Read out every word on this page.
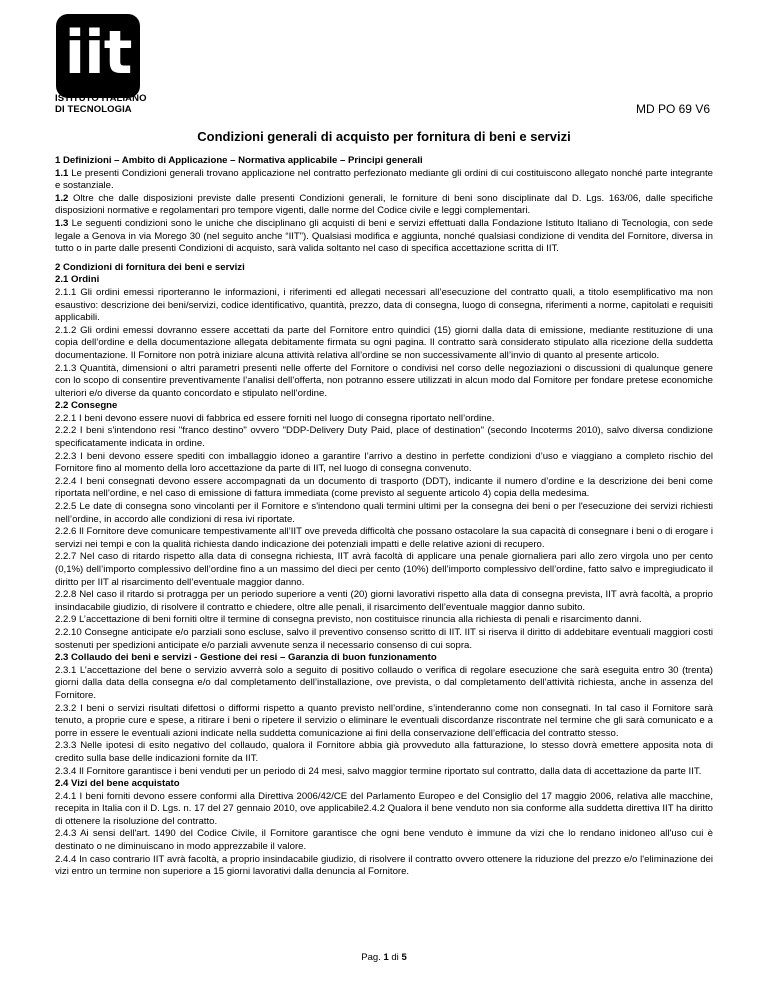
iit
ISTITUTO ITALIANO
DI TECNOLOGIA	MD PO 69 V6
Condizioni generali di acquisto per fornitura di beni e servizi

1 Definizioni – Ambito di Applicazione – Normativa applicabile – Principi generali

1.1 Le presenti Condizioni generali trovano applicazione nel contratto perfezionato mediante gli ordini di cui costituiscono allegato nonché parte integrante e sostanziale.

1.2 Oltre che dalle disposizioni previste dalle presenti Condizioni generali, le forniture di beni sono disciplinate dal D. Lgs. 163/06, dalle specifiche disposizioni normative e regolamentari pro tempore vigenti, dalle norme del Codice civile e leggi complementari.

1.3 Le seguenti condizioni sono le uniche che disciplinano gli acquisti di beni e servizi effettuati dalla Fondazione Istituto Italiano di Tecnologia, con sede legale a Genova in via Morego 30 (nel seguito anche “IIT”). Qualsiasi modifica e aggiunta, nonché qualsiasi condizione di vendita del Fornitore, diversa in tutto o in parte dalle presenti Condizioni di acquisto, sarà valida soltanto nel caso di specifica accettazione scritta di IIT.

2 Condizioni di fornitura dei beni e servizi

2.1 Ordini

2.1.1 Gli ordini emessi riporteranno le informazioni, i riferimenti ed allegati necessari all’esecuzione del contratto quali, a titolo esemplificativo ma non esaustivo: descrizione dei beni/servizi, codice identificativo, quantità, prezzo, data di consegna, luogo di consegna, riferimenti a norme, capitolati e requisiti applicabili.

2.1.2 Gli ordini emessi dovranno essere accettati da parte del Fornitore entro quindici (15) giorni dalla data di emissione, mediante restituzione di una copia dell’ordine e della documentazione allegata debitamente firmata su ogni pagina. Il contratto sarà considerato stipulato alla ricezione della suddetta documentazione. Il Fornitore non potrà iniziare alcuna attività relativa all’ordine se non successivamente all’invio di quanto al presente articolo.

2.1.3 Quantità, dimensioni o altri parametri presenti nelle offerte del Fornitore o condivisi nel corso delle negoziazioni o discussioni di qualunque genere con lo scopo di consentire preventivamente l’analisi dell’offerta, non potranno essere utilizzati in alcun modo dal Fornitore per fondare pretese economiche ulteriori e/o diverse da quanto concordato e stipulato nell’ordine.

2.2 Consegne

2.2.1 I beni devono essere nuovi di fabbrica ed essere forniti nel luogo di consegna riportato nell’ordine.

2.2.2 I beni s'intendono resi "franco destino" ovvero "DDP-Delivery Duty Paid, place of destination" (secondo Incoterms 2010), salvo diversa condizione specificatamente indicata in ordine.

2.2.3 I beni devono essere spediti con imballaggio idoneo a garantire l’arrivo a destino in perfette condizioni d’uso e viaggiano a completo rischio del Fornitore fino al momento della loro accettazione da parte di IIT, nel luogo di consegna convenuto.

2.2.4 I beni consegnati devono essere accompagnati da un documento di trasporto (DDT), indicante il numero d’ordine e la descrizione dei beni come riportata nell’ordine, e nel caso di emissione di fattura immediata (come previsto al seguente articolo 4) copia della medesima.

2.2.5 Le date di consegna sono vincolanti per il Fornitore e s'intendono quali termini ultimi per la consegna dei beni o per l'esecuzione dei servizi richiesti nell’ordine, in accordo alle condizioni di resa ivi riportate.

2.2.6 Il Fornitore deve comunicare tempestivamente all’IIT ove preveda difficoltà che possano ostacolare la sua capacità di consegnare i beni o di erogare i servizi nei tempi e con la qualità richiesta dando indicazione dei potenziali impatti e delle relative azioni di recupero.

2.2.7 Nel caso di ritardo rispetto alla data di consegna richiesta, IIT avrà facoltà di applicare una penale giornaliera pari allo zero virgola uno per cento (0,1%) dell’importo complessivo dell’ordine fino a un massimo del dieci per cento (10%) dell’importo complessivo dell’ordine, fatto salvo e impregiudicato il diritto per IIT al risarcimento dell’eventuale maggior danno.

2.2.8 Nel caso il ritardo si protragga per un periodo superiore a venti (20) giorni lavorativi rispetto alla data di consegna prevista, IIT avrà facoltà, a proprio insindacabile giudizio, di risolvere il contratto e chiedere, oltre alle penali, il risarcimento dell’eventuale maggior danno subito.

2.2.9 L’accettazione di beni forniti oltre il termine di consegna previsto, non costituisce rinuncia alla richiesta di penali e risarcimento danni.

2.2.10 Consegne anticipate e/o parziali sono escluse, salvo il preventivo consenso scritto di IIT. IIT si riserva il diritto di addebitare eventuali maggiori costi sostenuti per spedizioni anticipate e/o parziali avvenute senza il necessario consenso di cui sopra.

2.3 Collaudo dei beni e servizi - Gestione dei resi – Garanzia di buon funzionamento

2.3.1 L’accettazione del bene o servizio avverrà solo a seguito di positivo collaudo o verifica di regolare esecuzione che sarà eseguita entro 30 (trenta) giorni dalla data della consegna e/o dal completamento dell’installazione, ove prevista, o dal completamento dell’attività richiesta, anche in assenza del Fornitore.

2.3.2 I beni o servizi risultati difettosi o difformi rispetto a quanto previsto nell’ordine, s’intenderanno come non consegnati. In tal caso il Fornitore sarà tenuto, a proprie cure e spese, a ritirare i beni o ripetere il servizio o eliminare le eventuali discordanze riscontrate nel termine che gli sarà comunicato e a porre in essere le eventuali azioni indicate nella suddetta comunicazione ai fini della conservazione dell’efficacia del contratto stesso.

2.3.3 Nelle ipotesi di esito negativo del collaudo, qualora il Fornitore abbia già provveduto alla fatturazione, lo stesso dovrà emettere apposita nota di credito sulla base delle indicazioni fornite da IIT.

2.3.4 Il Fornitore garantisce i beni venduti per un periodo di 24 mesi, salvo maggior termine riportato sul contratto, dalla data di accettazione da parte IIT.

2.4 Vizi del bene acquistato

2.4.1 I beni forniti devono essere conformi alla Direttiva 2006/42/CE del Parlamento Europeo e del Consiglio del 17 maggio 2006, relativa alle macchine, recepita in Italia con il D. Lgs. n. 17 del 27 gennaio 2010, ove applicabile2.4.2 Qualora il bene venduto non sia conforme alla suddetta direttiva IIT ha diritto di ottenere la risoluzione del contratto.

2.4.3 Ai sensi dell'art. 1490 del Codice Civile, il Fornitore garantisce che ogni bene venduto è immune da vizi che lo rendano inidoneo all'uso cui è destinato o ne diminuiscano in modo apprezzabile il valore.

2.4.4 In caso contrario IIT avrà facoltà, a proprio insindacabile giudizio, di risolvere il contratto ovvero ottenere la riduzione del prezzo e/o l'eliminazione dei vizi entro un termine non superiore a 15 giorni lavorativi dalla denuncia al Fornitore.

Pag. 1 di 5
